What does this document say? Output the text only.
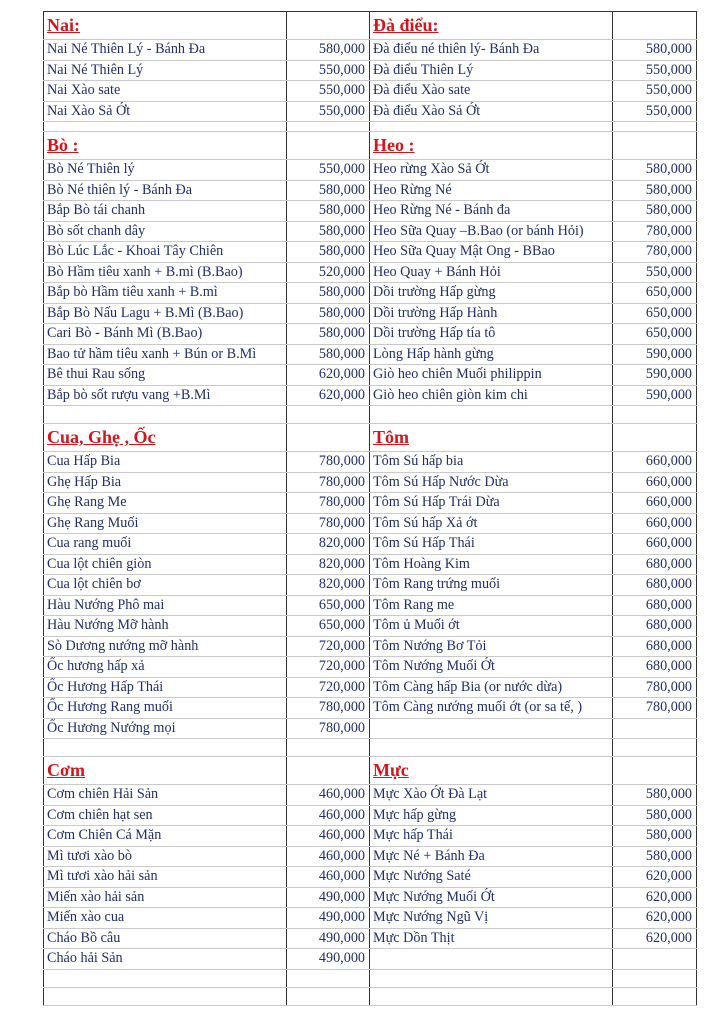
Nai:		Đà điểu:	
Nai Né Thiên Lý - Bánh Đa	580,000	Đà điểu né thiên lý- Bánh Đa	580,000
Nai Né Thiên Lý	550,000	Đà điểu Thiên Lý	550,000
Nai Xào sate	550,000	Đà điểu Xào sate	550,000
Nai Xào Sả Ớt	550,000	Đà điểu Xào Sả Ớt	550,000

Bò :		Heo :	
Bò Né Thiên lý	550,000	Heo rừng Xào Sả Ớt	580,000
Bò Né thiên lý - Bánh Đa	580,000	Heo Rừng Né	580,000
Bắp Bò tái chanh	580,000	Heo Rừng Né - Bánh đa	580,000
Bò sốt chanh dây	580,000	Heo Sữa Quay –B.Bao (or bánh Hỏi)	780,000
Bò Lúc Lắc - Khoai Tây Chiên	580,000	Heo Sữa Quay Mật Ong - BBao	780,000
Bò Hầm tiêu xanh + B.mì (B.Bao)	520,000	Heo Quay + Bánh Hỏi	550,000
Bắp bò Hầm tiêu xanh + B.mì	580,000	Dồi trường Hấp gừng	650,000
Bắp Bò Nấu Lagu + B.Mì (B.Bao)	580,000	Dồi trường Hấp Hành	650,000
Cari Bò - Bánh Mì (B.Bao)	580,000	Dồi trường Hấp tía tô	650,000
Bao tử hầm tiêu xanh + Bún or B.Mì	580,000	Lòng Hấp hành gừng	590,000
Bê thui Rau sống	620,000	Giò heo chiên Muối philippin	590,000
Bắp bò sốt rượu vang +B.Mì	620,000	Giò heo chiên giòn kim chi	590,000

Cua, Ghẹ , Ốc		Tôm	
Cua Hấp Bia	780,000	Tôm Sú hấp bia	660,000
Ghẹ Hấp Bia	780,000	Tôm Sú Hấp Nước Dừa	660,000
Ghẹ Rang Me	780,000	Tôm Sú Hấp Trái Dừa	660,000
Ghẹ Rang Muối	780,000	Tôm Sú hấp Xả ớt	660,000
Cua rang muối	820,000	Tôm Sú Hấp Thái	660,000
Cua lột chiên giòn	820,000	Tôm Hoàng Kim	680,000
Cua lột chiên bơ	820,000	Tôm Rang trứng muối	680,000
Hàu Nướng Phô mai	650,000	Tôm Rang me	680,000
Hàu Nướng Mỡ hành	650,000	Tôm ủ Muối ớt	680,000
Sò Dương nướng mỡ hành	720,000	Tôm Nướng Bơ Tỏi	680,000
Ốc hương hấp xả	720,000	Tôm Nướng Muối Ớt	680,000
Ốc Hương Hấp Thái	720,000	Tôm Càng hấp Bia (or nước dừa)	780,000
Ốc Hương Rang muối	780,000	Tôm Càng nướng muối ớt (or sa tế, )	780,000
Ốc Hương Nướng mọi	780,000		

Cơm		Mực	
Cơm chiên Hải Sản	460,000	Mực Xào Ớt Đà Lạt	580,000
Cơm chiên hạt sen	460,000	Mực hấp gừng	580,000
Cơm Chiên Cá Mặn	460,000	Mực hấp Thái	580,000
Mì tươi xào bò	460,000	Mực Né + Bánh Đa	580,000
Mì tươi xào hải sản	460,000	Mực Nướng Saté	620,000
Miến xào hải sản	490,000	Mực Nướng Muối Ớt	620,000
Miến xào cua	490,000	Mực Nướng Ngũ Vị	620,000
Cháo Bồ câu	490,000	Mực Dồn Thịt	620,000
Cháo hải Sản	490,000		
